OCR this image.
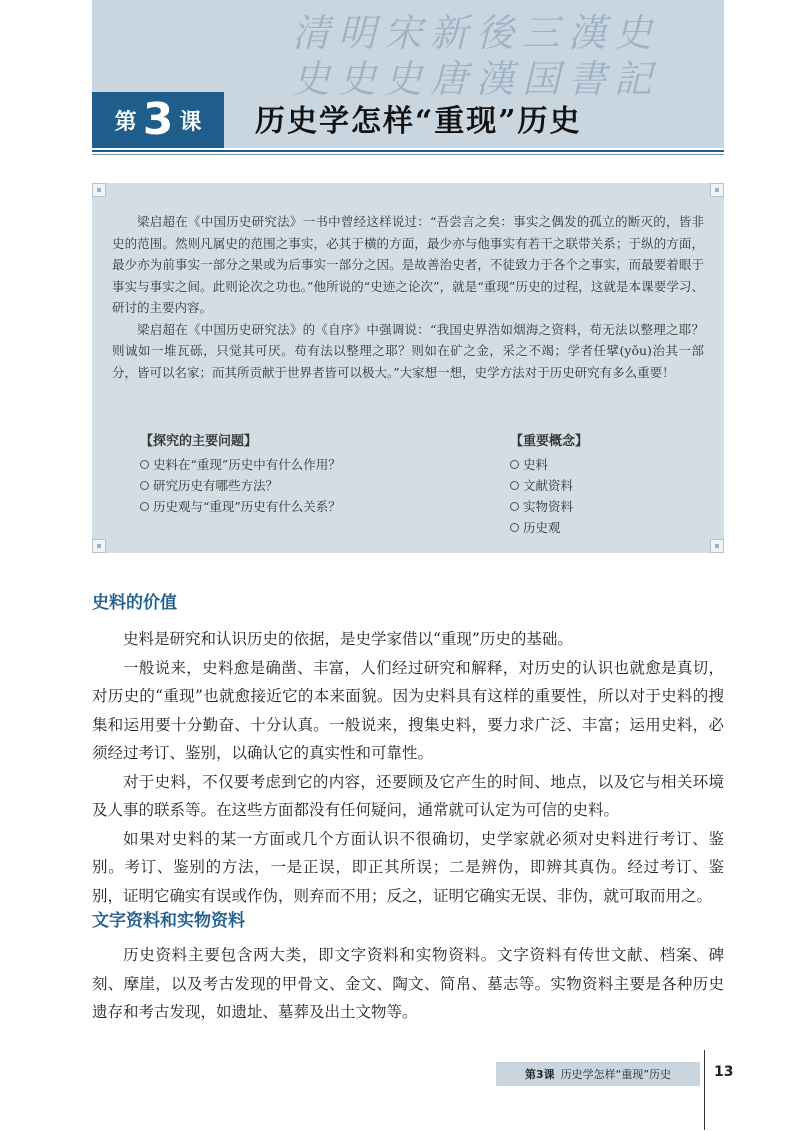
清明宋新後三漢史
史史史唐漢国書記
第 3 课 历史学怎样“重现”历史

梁启超在《中国历史研究法》一书中曾经这样说过：“吾尝言之矣：事实之偶发的孤立的断灭的，皆非史的范围。然则凡属史的范围之事实，必其于横的方面，最少亦与他事实有若干之联带关系；于纵的方面，最少亦为前事实一部分之果或为后事实一部分之因。是故善治史者，不徒致力于各个之事实，而最要着眼于事实与事实之间。此则论次之功也。”他所说的“史迹之论次”，就是“重现”历史的过程，这就是本课要学习、研讨的主要内容。

梁启超在《中国历史研究法》的《自序》中强调说：“我国史界浩如烟海之资料，苟无法以整理之耶？则诚如一堆瓦砾，只觉其可厌。苟有法以整理之耶？则如在矿之金，采之不竭；学者任擘(yǒu)治其一部分，皆可以名家；而其所贡献于世界者皆可以极大。”大家想一想，史学方法对于历史研究有多么重要！

【探究的主要问题】
史料在“重现”历史中有什么作用？
研究历史有哪些方法？
历史观与“重现”历史有什么关系？
【重要概念】
史料
文献资料
实物资料
历史观
史料的价值

史料是研究和认识历史的依据，是史学家借以“重现”历史的基础。

一般说来，史料愈是确凿、丰富，人们经过研究和解释，对历史的认识也就愈是真切，对历史的“重现”也就愈接近它的本来面貌。因为史料具有这样的重要性，所以对于史料的搜集和运用要十分勤奋、十分认真。一般说来，搜集史料，要力求广泛、丰富；运用史料，必须经过考订、鉴别，以确认它的真实性和可靠性。

对于史料，不仅要考虑到它的内容，还要顾及它产生的时间、地点，以及它与相关环境及人事的联系等。在这些方面都没有任何疑问，通常就可认定为可信的史料。

如果对史料的某一方面或几个方面认识不很确切，史学家就必须对史料进行考订、鉴别。考订、鉴别的方法，一是正误，即正其所误；二是辨伪，即辨其真伪。经过考订、鉴别，证明它确实有误或作伪，则弃而不用；反之，证明它确实无误、非伪，就可取而用之。

文字资料和实物资料

历史资料主要包含两大类，即文字资料和实物资料。文字资料有传世文献、档案、碑刻、摩崖，以及考古发现的甲骨文、金文、陶文、简帛、墓志等。实物资料主要是各种历史遗存和考古发现，如遗址、墓葬及出土文物等。

第3课 历史学怎样“重现”历史	13
